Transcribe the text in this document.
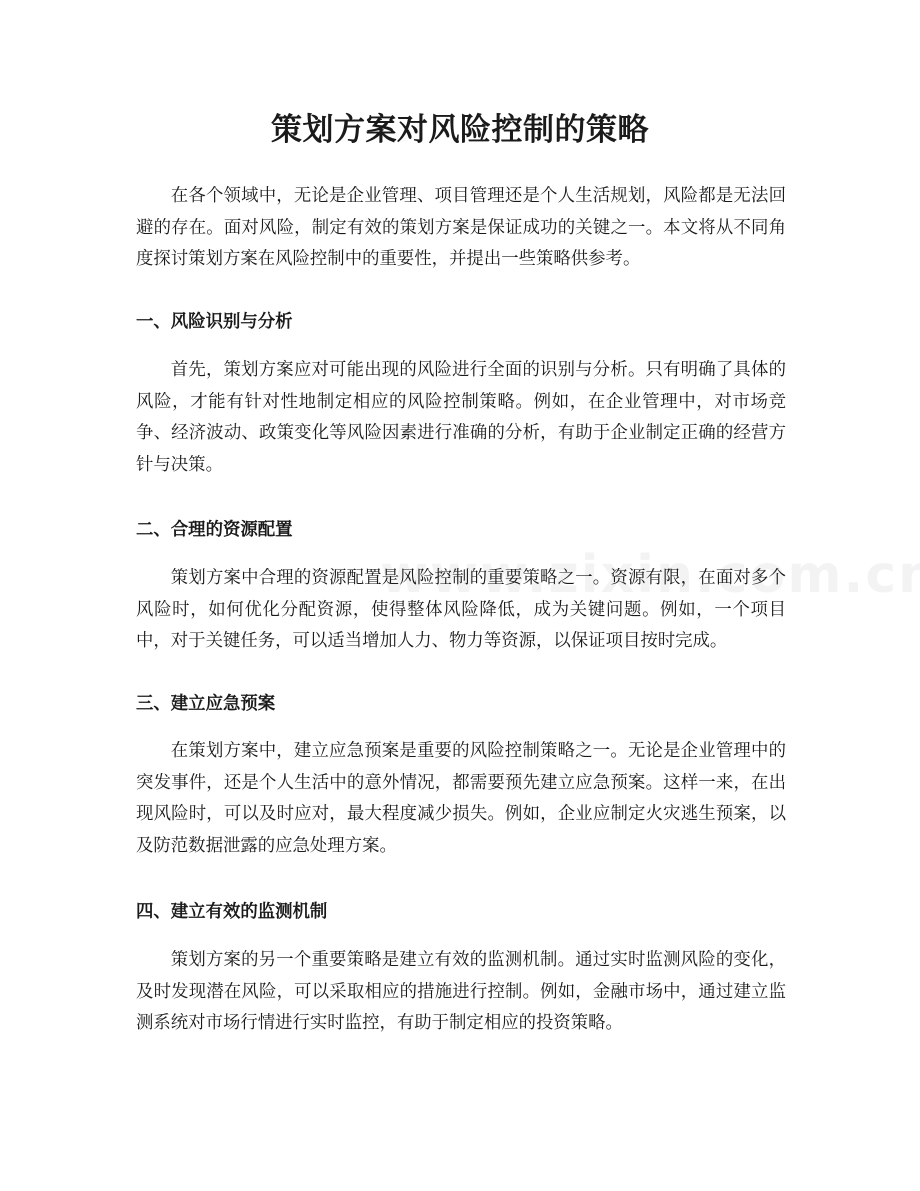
策划方案对风险控制的策略

在各个领域中，无论是企业管理、项目管理还是个人生活规划，风险都是无法回避的存在。面对风险，制定有效的策划方案是保证成功的关键之一。本文将从不同角度探讨策划方案在风险控制中的重要性，并提出一些策略供参考。

一、风险识别与分析

首先，策划方案应对可能出现的风险进行全面的识别与分析。只有明确了具体的风险，才能有针对性地制定相应的风险控制策略。例如，在企业管理中，对市场竞争、经济波动、政策变化等风险因素进行准确的分析，有助于企业制定正确的经营方针与决策。

二、合理的资源配置

策划方案中合理的资源配置是风险控制的重要策略之一。资源有限，在面对多个风险时，如何优化分配资源，使得整体风险降低，成为关键问题。例如，一个项目中，对于关键任务，可以适当增加人力、物力等资源，以保证项目按时完成。

三、建立应急预案

在策划方案中，建立应急预案是重要的风险控制策略之一。无论是企业管理中的突发事件，还是个人生活中的意外情况，都需要预先建立应急预案。这样一来，在出现风险时，可以及时应对，最大程度减少损失。例如，企业应制定火灾逃生预案，以及防范数据泄露的应急处理方案。

四、建立有效的监测机制

策划方案的另一个重要策略是建立有效的监测机制。通过实时监测风险的变化，及时发现潜在风险，可以采取相应的措施进行控制。例如，金融市场中，通过建立监测系统对市场行情进行实时监控，有助于制定相应的投资策略。
